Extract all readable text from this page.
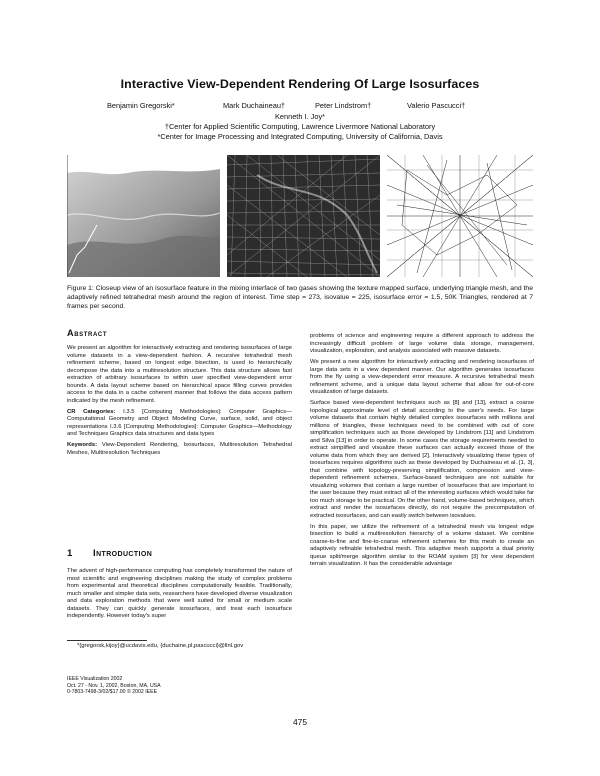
Interactive View-Dependent Rendering Of Large Isosurfaces
Benjamin Gregorski*	Mark Duchaineau†	Peter Lindstrom†	Valerio Pascucci†
Kenneth I. Joy*
†Center for Applied Scientific Computing, Lawrence Livermore National Laboratory
*Center for Image Processing and Integrated Computing, University of California, Davis
Figure 1: Closeup view of an isosurface feature in the mixing interface of two gases showing the texture mapped surface, underlying triangle mesh, and the adaptively refined tetrahedral mesh around the region of interest. Time step = 273, isovalue = 225, isosurface error = 1.5, 50K Triangles, rendered at 7 frames per second.
Abstract

We present an algorithm for interactively extracting and rendering isosurfaces of large volume datasets in a view-dependent fashion. A recursive tetrahedral mesh refinement scheme, based on longest edge bisection, is used to hierarchically decompose the data into a multiresolution structure. This data structure allows fast extraction of arbitrary isosurfaces to within user specified view-dependent error bounds. A data layout scheme based on hierarchical space filling curves provides access to the data in a cache coherent manner that follows the data access pattern indicated by the mesh refinement.

CR Categories: I.3.5 [Computing Methodologies]: Computer Graphics—Computational Geometry and Object Modeling Curve, surface, solid, and object representations I.3.6 [Computing Methodologies]: Computer Graphics—Methodology and Techniques Graphics data structures and data types

Keywords: View-Dependent Rendering, Isosurfaces, Multiresolution Tetrahedral Meshes, Multiresolution Techniques

1 Introduction

The advent of high-performance computing has completely transformed the nature of most scientific and engineering disciplines making the study of complex problems from experimental and theoretical disciplines computationally feasible. Traditionally, much smaller and simpler data sets, researchers have developed diverse visualization and data exploration methods that were well suited for small or medium scale datasets. They can quickly generate isosurfaces, and treat each isosurface independently. However today's super

*{gregorsk,kijoy}@ucdavis.edu, {duchaine,pl,pascucci}@llnl.gov
IEEE Visualization 2002
Oct. 27 - Nov. 1, 2002, Boston, MA, USA
0-7803-7498-3/02/$17.00 © 2002 IEEE

problems of science and engineering require a different approach to address the increasingly difficult problem of large volume data storage, management, visualization, exploration, and analysis associated with massive datasets.

We present a new algorithm for interactively extracting and rendering isosurfaces of large data sets in a view dependent manner. Our algorithm generates isosurfaces from the fly using a view-dependent error measure. A recursive tetrahedral mesh refinement scheme, and a unique data layout scheme that allow for out-of-core visualization of large datasets.

Surface based view-dependent techniques such as [8] and [13], extract a coarse topological approximate level of detail according to the user's needs. For large volume datasets that contain highly detailed complex isosurfaces with millions and millions of triangles, these techniques need to be combined with out of core simplification techniques such as those developed by Lindstrom [11] and Lindstrom and Silva [13] in order to operate. In some cases the storage requirements needed to extract simplified and visualize these surfaces can actually exceed those of the volume data from which they are derived [2]. Interactively visualizing these types of isosurfaces requires algorithms such as these developed by Duchaineau et al. [1, 3], that combine with topology-preserving simplification, compression and view-dependent refinement schemes. Surface-based techniques are not suitable for visualizing volumes that contain a large number of isosurfaces that are important to the user because they must extract all of the interesting surfaces which would take far too much storage to be practical. On the other hand, volume-based techniques, which extract and render the isosurfaces directly, do not require the precomputation of extracted isosurfaces, and can easily switch between isovalues.

In this paper, we utilize the refinement of a tetrahedral mesh via longest edge bisection to build a multiresolution hierarchy of a volume dataset. We combine coarse-to-fine and fine-to-coarse refinement schemes for this mesh to create an adaptively refinable tetrahedral mesh. This adaptive mesh supports a dual priority queue split/merge algorithm similar to the ROAM system [3] for view dependent terrain visualization. It has the considerable advantage

475
